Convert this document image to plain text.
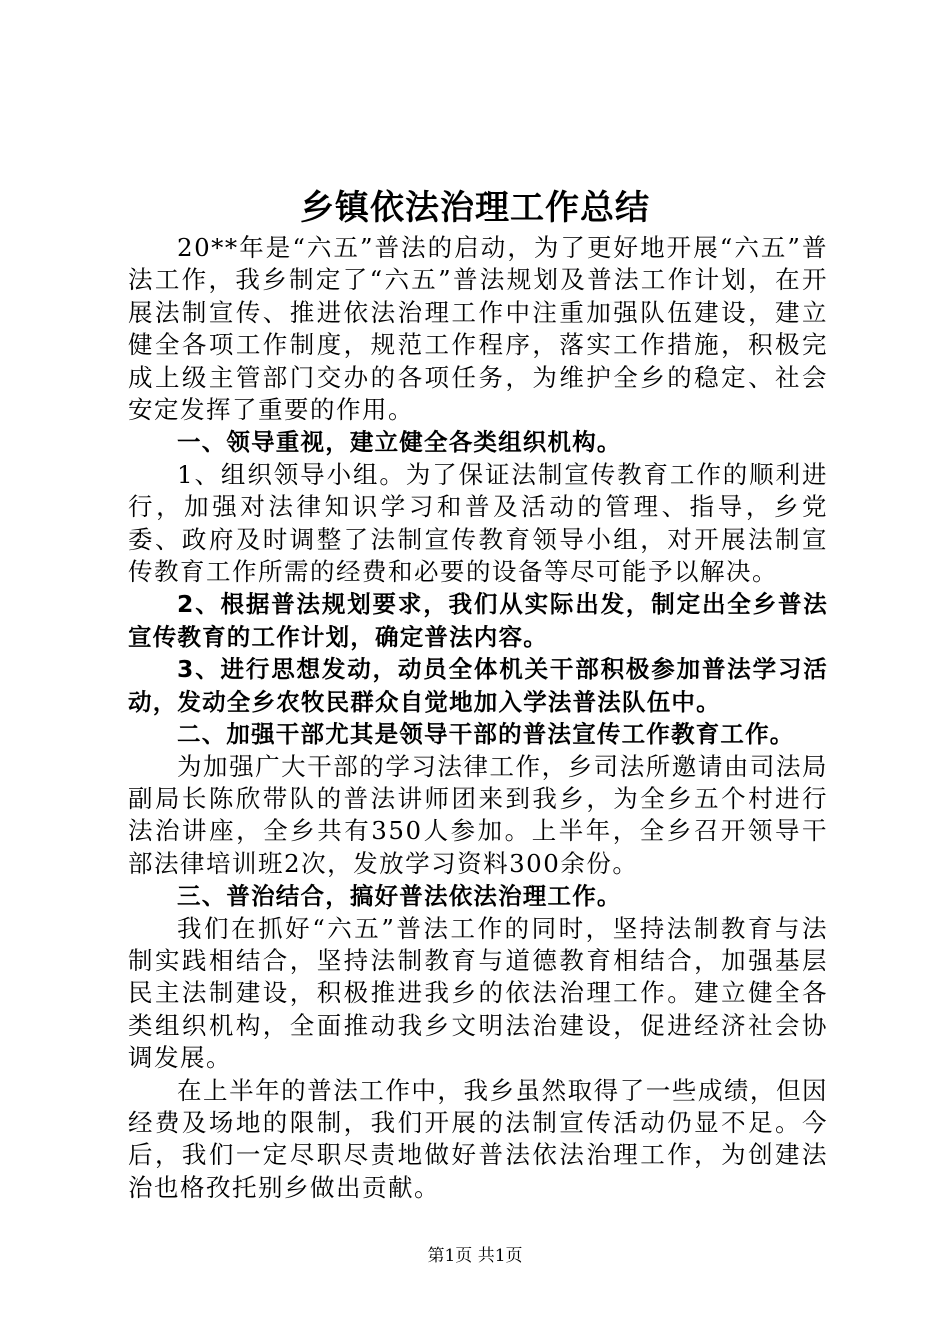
乡镇依法治理工作总结

20**年是“六五”普法的启动，为了更好地开展“六五”普法工作，我乡制定了“六五”普法规划及普法工作计划，在开展法制宣传、推进依法治理工作中注重加强队伍建设，建立健全各项工作制度，规范工作程序，落实工作措施，积极完成上级主管部门交办的各项任务，为维护全乡的稳定、社会安定发挥了重要的作用。

一、领导重视，建立健全各类组织机构。

1、组织领导小组。为了保证法制宣传教育工作的顺利进行，加强对法律知识学习和普及活动的管理、指导，乡党委、政府及时调整了法制宣传教育领导小组，对开展法制宣传教育工作所需的经费和必要的设备等尽可能予以解决。

2、根据普法规划要求，我们从实际出发，制定出全乡普法宣传教育的工作计划，确定普法内容。

3、进行思想发动，动员全体机关干部积极参加普法学习活动，发动全乡农牧民群众自觉地加入学法普法队伍中。

二、加强干部尤其是领导干部的普法宣传工作教育工作。

为加强广大干部的学习法律工作，乡司法所邀请由司法局副局长陈欣带队的普法讲师团来到我乡，为全乡五个村进行法治讲座，全乡共有350人参加。上半年，全乡召开领导干部法律培训班2次，发放学习资料300余份。

三、普治结合，搞好普法依法治理工作。

我们在抓好“六五”普法工作的同时，坚持法制教育与法制实践相结合，坚持法制教育与道德教育相结合，加强基层民主法制建设，积极推进我乡的依法治理工作。建立健全各类组织机构，全面推动我乡文明法治建设，促进经济社会协调发展。

在上半年的普法工作中，我乡虽然取得了一些成绩，但因经费及场地的限制，我们开展的法制宣传活动仍显不足。今后，我们一定尽职尽责地做好普法依法治理工作，为创建法治也格孜托别乡做出贡献。

第1页 共1页
